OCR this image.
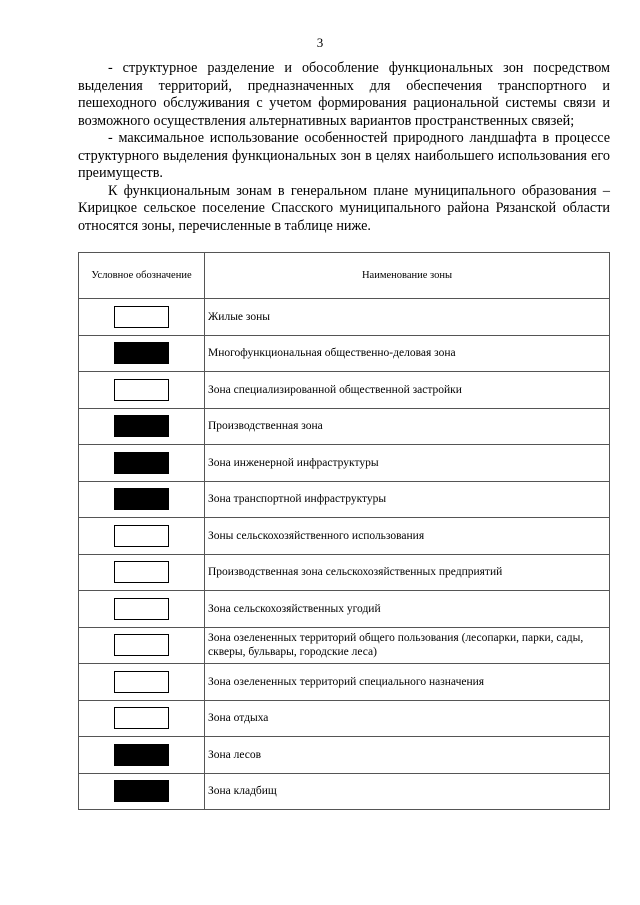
3

- структурное разделение и обособление функциональных зон посредством выделения территорий, предназначенных для обеспечения транспортного и пешеходного обслуживания с учетом формирования рациональной системы связи и возможного осуществления альтернативных вариантов пространственных связей;

- максимальное использование особенностей природного ландшафта в процессе структурного выделения функциональных зон в целях наибольшего использования его преимуществ.

К функциональным зонам в генеральном плане муниципального образования – Кирицкое сельское поселение Спасского муниципального района Рязанской области относятся зоны, перечисленные в таблице ниже.

Условное обозначение	Наименование зоны
	Жилые зоны
	Многофункциональная общественно-деловая зона
	Зона специализированной общественной застройки
	Производственная зона
	Зона инженерной инфраструктуры
	Зона транспортной инфраструктуры
	Зоны сельскохозяйственного использования
	Производственная зона сельскохозяйственных предприятий
	Зона сельскохозяйственных угодий
	Зона озелененных территорий общего пользования (лесопарки, парки, сады, скверы, бульвары, городские леса)
	Зона озелененных территорий специального назначения
	Зона отдыха
	Зона лесов
	Зона кладбищ
